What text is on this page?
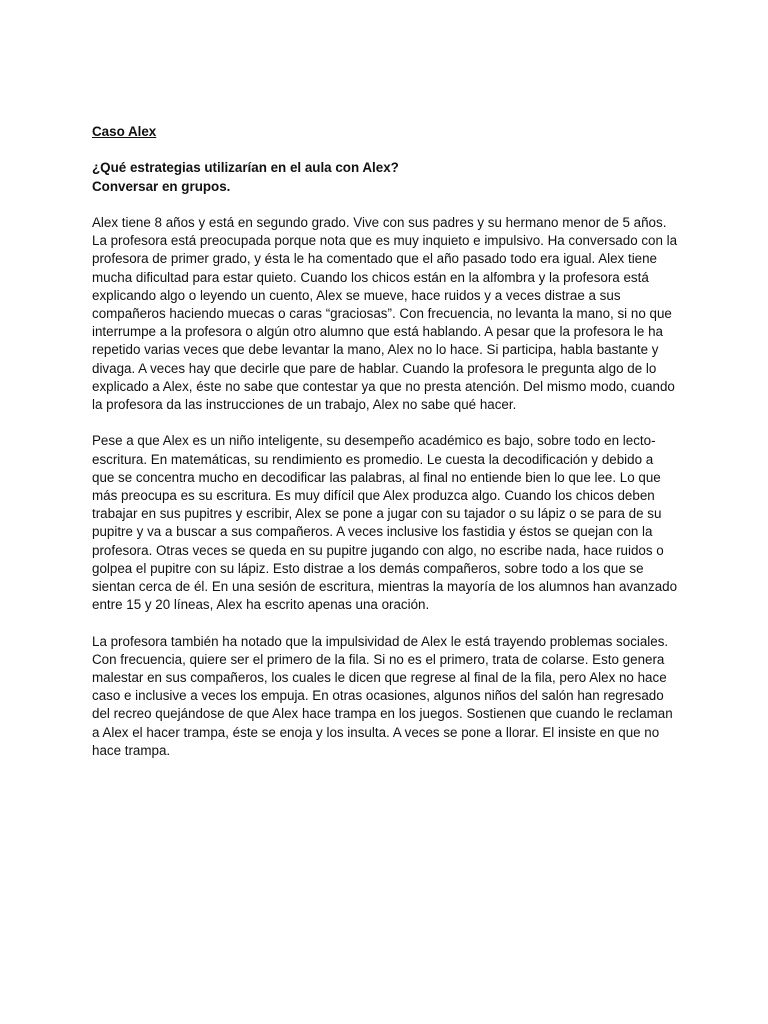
Caso Alex

¿Qué estrategias utilizarían en el aula con Alex?

Conversar en grupos.

Alex tiene 8 años y está en segundo grado. Vive con sus padres y su hermano menor de 5 años. La profesora está preocupada porque nota que es muy inquieto e impulsivo. Ha conversado con la profesora de primer grado, y ésta le ha comentado que el año pasado todo era igual. Alex tiene mucha dificultad para estar quieto. Cuando los chicos están en la alfombra y la profesora está explicando algo o leyendo un cuento, Alex se mueve, hace ruidos y a veces distrae a sus compañeros haciendo muecas o caras “graciosas”. Con frecuencia, no levanta la mano, si no que interrumpe a la profesora o algún otro alumno que está hablando. A pesar que la profesora le ha repetido varias veces que debe levantar la mano, Alex no lo hace. Si participa, habla bastante y divaga. A veces hay que decirle que pare de hablar. Cuando la profesora le pregunta algo de lo explicado a Alex, éste no sabe que contestar ya que no presta atención. Del mismo modo, cuando la profesora da las instrucciones de un trabajo, Alex no sabe qué hacer.

Pese a que Alex es un niño inteligente, su desempeño académico es bajo, sobre todo en lecto-escritura. En matemáticas, su rendimiento es promedio. Le cuesta la decodificación y debido a que se concentra mucho en decodificar las palabras, al final no entiende bien lo que lee. Lo que más preocupa es su escritura. Es muy difícil que Alex produzca algo. Cuando los chicos deben trabajar en sus pupitres y escribir, Alex se pone a jugar con su tajador o su lápiz o se para de su pupitre y va a buscar a sus compañeros. A veces inclusive los fastidia y éstos se quejan con la profesora. Otras veces se queda en su pupitre jugando con algo, no escribe nada, hace ruidos o golpea el pupitre con su lápiz. Esto distrae a los demás compañeros, sobre todo a los que se sientan cerca de él. En una sesión de escritura, mientras la mayoría de los alumnos han avanzado entre 15 y 20 líneas, Alex ha escrito apenas una oración.

La profesora también ha notado que la impulsividad de Alex le está trayendo problemas sociales. Con frecuencia, quiere ser el primero de la fila. Si no es el primero, trata de colarse. Esto genera malestar en sus compañeros, los cuales le dicen que regrese al final de la fila, pero Alex no hace caso e inclusive a veces los empuja. En otras ocasiones, algunos niños del salón han regresado del recreo quejándose de que Alex hace trampa en los juegos. Sostienen que cuando le reclaman a Alex el hacer trampa, éste se enoja y los insulta. A veces se pone a llorar. El insiste en que no hace trampa.
